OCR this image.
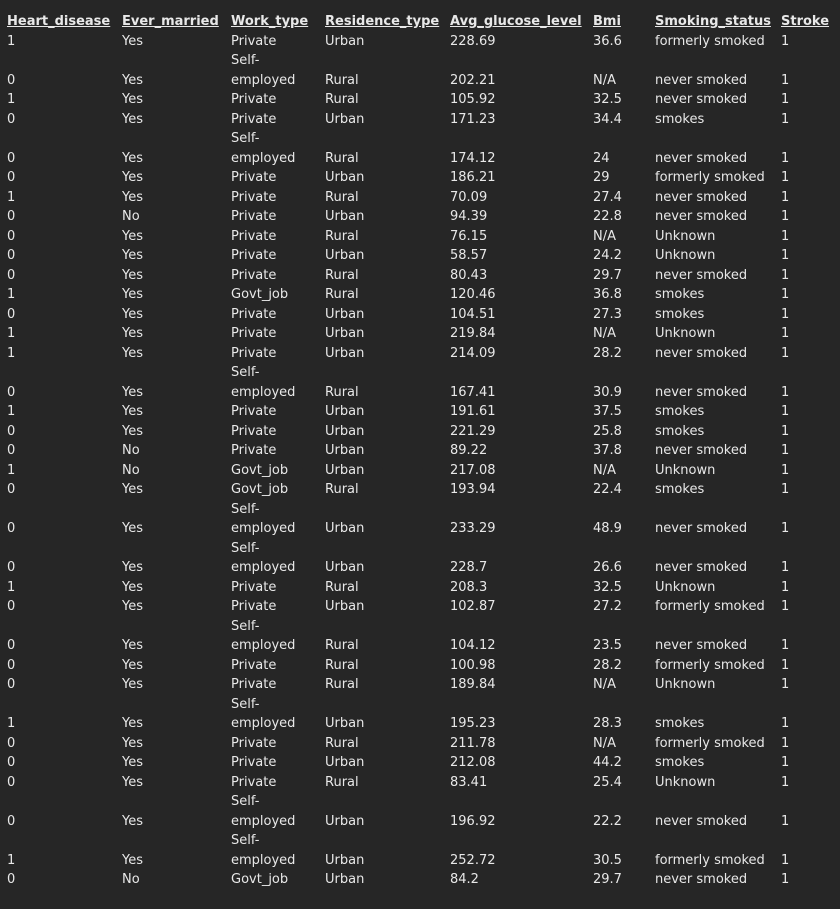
Heart_disease	Ever_married	Work_type	Residence_type	Avg_glucose_level	Bmi	Smoking_status	Stroke
1	Yes	Private	Urban	228.69	36.6	formerly smoked	1
0	Yes	Self-employed	Rural	202.21	N/A	never smoked	1
1	Yes	Private	Rural	105.92	32.5	never smoked	1
0	Yes	Private	Urban	171.23	34.4	smokes	1
0	Yes	Self-employed	Rural	174.12	24	never smoked	1
0	Yes	Private	Urban	186.21	29	formerly smoked	1
1	Yes	Private	Rural	70.09	27.4	never smoked	1
0	No	Private	Urban	94.39	22.8	never smoked	1
0	Yes	Private	Rural	76.15	N/A	Unknown	1
0	Yes	Private	Urban	58.57	24.2	Unknown	1
0	Yes	Private	Rural	80.43	29.7	never smoked	1
1	Yes	Govt_job	Rural	120.46	36.8	smokes	1
0	Yes	Private	Urban	104.51	27.3	smokes	1
1	Yes	Private	Urban	219.84	N/A	Unknown	1
1	Yes	Private	Urban	214.09	28.2	never smoked	1
0	Yes	Self-employed	Rural	167.41	30.9	never smoked	1
1	Yes	Private	Urban	191.61	37.5	smokes	1
0	Yes	Private	Urban	221.29	25.8	smokes	1
0	No	Private	Urban	89.22	37.8	never smoked	1
1	No	Govt_job	Urban	217.08	N/A	Unknown	1
0	Yes	Govt_job	Rural	193.94	22.4	smokes	1
0	Yes	Self-employed	Urban	233.29	48.9	never smoked	1
0	Yes	Self-employed	Urban	228.7	26.6	never smoked	1
1	Yes	Private	Rural	208.3	32.5	Unknown	1
0	Yes	Private	Urban	102.87	27.2	formerly smoked	1
0	Yes	Self-employed	Rural	104.12	23.5	never smoked	1
0	Yes	Private	Rural	100.98	28.2	formerly smoked	1
0	Yes	Private	Rural	189.84	N/A	Unknown	1
1	Yes	Self-employed	Urban	195.23	28.3	smokes	1
0	Yes	Private	Rural	211.78	N/A	formerly smoked	1
0	Yes	Private	Urban	212.08	44.2	smokes	1
0	Yes	Private	Rural	83.41	25.4	Unknown	1
0	Yes	Self-employed	Urban	196.92	22.2	never smoked	1
1	Yes	Self-employed	Urban	252.72	30.5	formerly smoked	1
0	No	Govt_job	Urban	84.2	29.7	never smoked	1
